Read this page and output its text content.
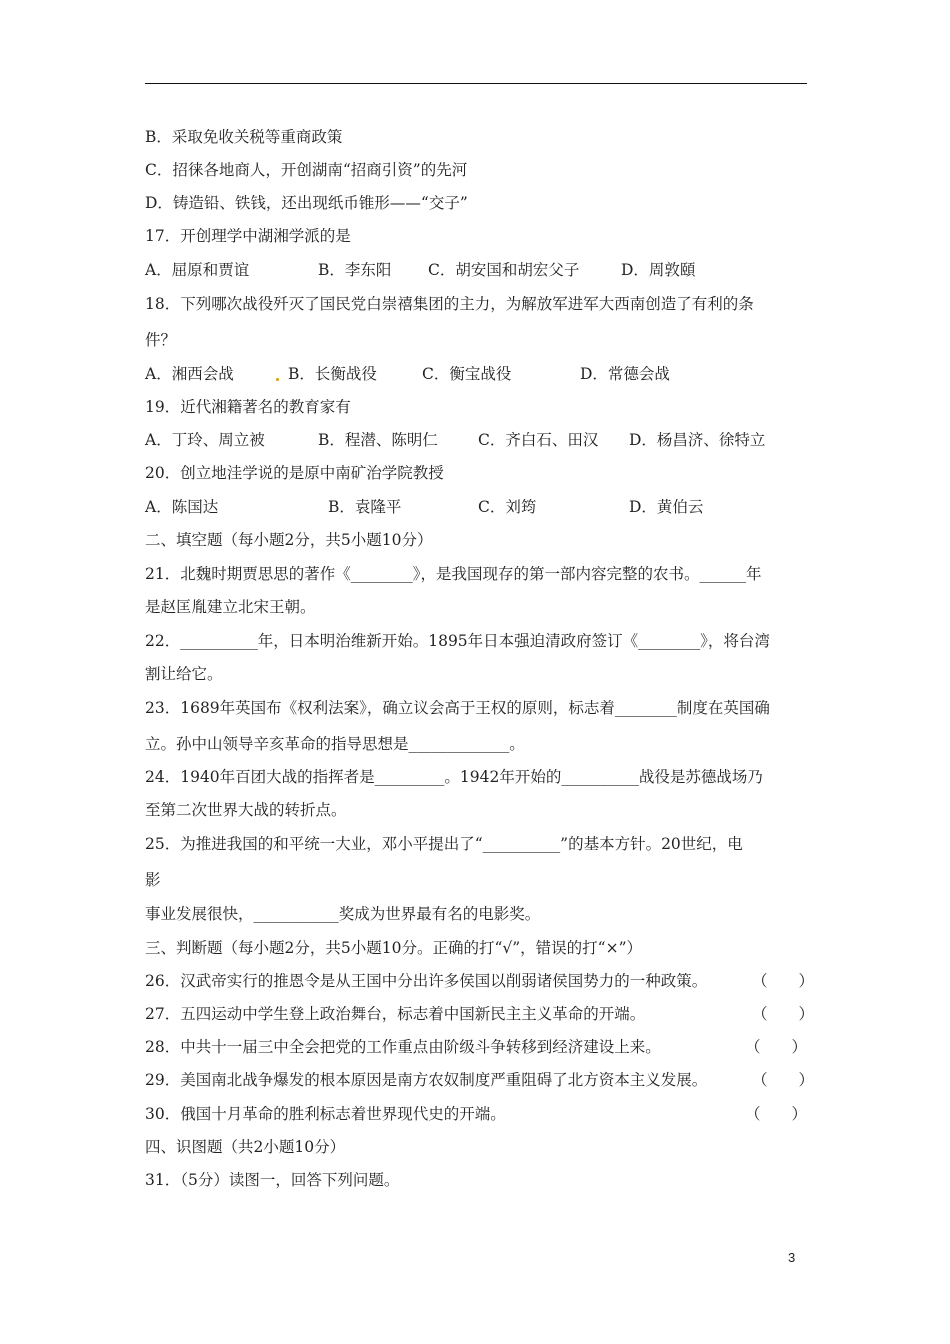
B．采取免收关税等重商政策
C．招徕各地商人，开创湖南“招商引资”的先河
D．铸造铅、铁钱，还出现纸币锥形——“交子”
17．开创理学中湖湘学派的是
A．屈原和贾谊	B．李东阳 C．胡安国和胡宏父子	D．周敦頤
18．下列哪次战役歼灭了国民党白崇禧集团的主力，为解放军进军大西南创造了有利的条
件？
A．湘西会战	B．长衡战役	C．衡宝战役	D．常德会战
19．近代湘籍著名的教育家有
A．丁玲、周立被	B．程潜、陈明仁	C．齐白石、田汉 D．杨昌济、徐特立
20．创立地洼学说的是原中南矿治学院教授
A．陈国达	B．袁隆平	C．刘筠	D．黄伯云
二、填空题（每小题2分，共5小题10分）
21．北魏时期贾思思的著作《________》，是我国现存的第一部内容完整的农书。______年
是赵匡胤建立北宋王朝。
22．__________年，日本明治维新开始。1895年日本强迫清政府签订《________》，将台湾
割让给它。
23．1689年英国布《权利法案》，确立议会高于王权的原则，标志着________制度在英国确
立。孙中山领导辛亥革命的指导思想是_____________。
24．1940年百团大战的指挥者是_________。1942年开始的__________战役是苏德战场乃
至第二次世界大战的转折点。
25．为推进我国的和平统一大业，邓小平提出了“__________”的基本方针。20世纪，电
影
事业发展很快，___________奖成为世界最有名的电影奖。
三、判断题（每小题2分，共5小题10分。正确的打“√”，错误的打“×”）
26．汉武帝实行的推恩令是从王国中分出许多侯国以削弱诸侯国势力的一种政策。	（　　）
27．五四运动中学生登上政治舞台，标志着中国新民主主义革命的开端。	（　　）
28．中共十一届三中全会把党的工作重点由阶级斗争转移到经济建设上来。	（　　）
29．美国南北战争爆发的根本原因是南方农奴制度严重阻碍了北方资本主义发展。	（　　）
30．俄国十月革命的胜利标志着世界现代史的开端。	（　　）
四、识图题（共2小题10分）
31．（5分）读图一，回答下列问题。
3
